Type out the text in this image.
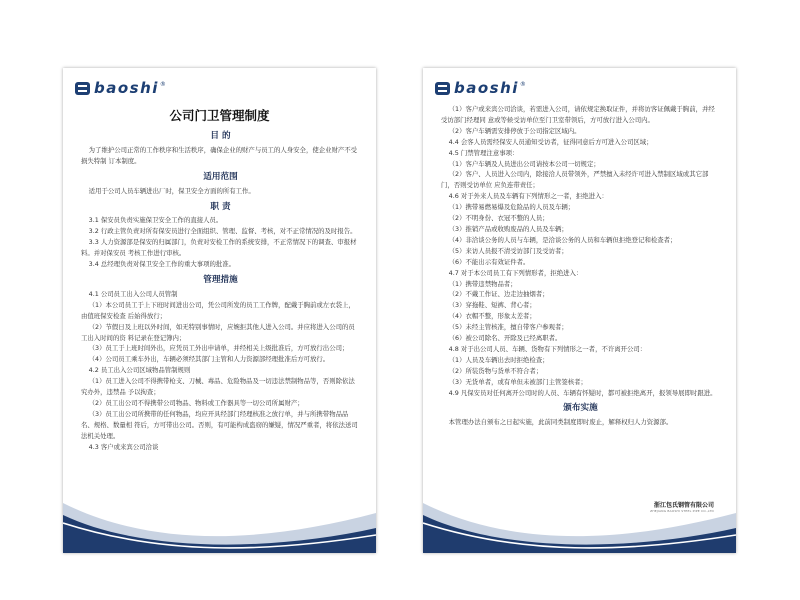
baoshi ®
公司门卫管理制度

目 的

为了维护公司正常的工作秩序和生活秩序，确保企业的财产与员工的人身安全，使企业财产不受损失特制 订本制度。

适用范围

适用于公司人员车辆进出厂时，保卫安全方面的所有工作。

职 责

3.1 保安员负责实施保卫安全工作的直接人员。

3.2 行政主管负责对所有保安员进行全面组织、管理、监督、考核，对不正常情况的及时报告。

3.3 人力资源部是保安的归属部门，负责对安检工作的系统安排，不正常情况下的调查、审报材料。并对保安员 考核工作进行审核。

3.4 总经理负责对保卫安全工作的重大事项的批准。

管理措施

4.1 公司员工出入公司人员管制

（1）本公司员工于上下班时间进出公司，凭公司所发的员工工作牌，配戴于胸前或左衣袋上，由值班保安检查 后始得放行；

（2）节假日及上班以外时间，如无特别事情时，应婉拒其他人进入公司。并应将进入公司的员工出入时间的资 料记录在登记簿内；

（3）员工于上班时间外出，应凭员工外出申请单，并经相关上级批准后，方可放行出公司；

（4）公司员工乘车外出，车辆必须经其部门主管和人力资源部经理批准后方可放行。

4.2 员工出入公司区域物品管制规则

（1）员工进入公司不得携带枪支、刀械、毒品、危险物品及一切违法禁制物品等，否则除依法究办外，违禁品 予以拘查；

（2）员工出公司不得携带公司物品、物料或工作器具等一切公司所属财产；

（3）员工出公司所携带的任何物品，均应开具经部门经理核准之放行单，并与所携带物品品名、规格、数量相 符后，方可带出公司。否则，有可能构成盗窃的嫌疑，情况严重者，将依法送司法机关处理。

4.3 客户或来宾公司洽谈

baoshi ®

（1）客户或来宾公司洽谈，若需进入公司，请依规定换取证件，并将访客证佩戴于胸前，并经受访部门经理同 意或等候受访单位至门卫室带领后，方可放行进入公司内。

（2）客户车辆需安排停放于公司指定区域内。

4.4 会客人员需经保安人员通知受访者，征得同意后方可进入公司区域；

4.5 门禁管理注意事项：

（1）客户车辆及人员进出公司请按本公司一切规定；

（2）客户、人员进入公司内，除接洽人员带领外，严禁擅入未经许可进入禁制区域或其它部门，否则受访单位 应负连带责任；

4.6 对于外来人员及车辆有下列情形之一者，拒绝进入：

（1）携带易燃易爆及危险品的人员及车辆；

（2）不明身份、衣冠不整的人员；

（3）推销产品或收购废品的人员及车辆；

（4）非洽谈公务的人员与车辆，是洽谈公务的人员和车辆但拒绝登记和检查者；

（5）来访人员报不清受访部门及受访者；

（6）不能出示有效证件者。

4.7 对于本公司员工有下列情形者，拒绝进入：

（1）携带违禁物品者；

（2）不戴工作证、边走边抽烟者；

（3）穿拖鞋、短裤、背心者；

（4）衣帽不整，形象太差者；

（5）未经主管核准，擅自带客户参观者；

（6）被公司除名、开除及已经离职者。

4.8 对于出公司人员、车辆、货物有下列情形之一者，不许离开公司：

（1）人员及车辆出去时拒绝检查；

（2）所装货物与货单不符合者；

（3）无货单者，或有单但未被部门主管签核者；

4.9 凡保安员对任何离开公司时的人员、车辆有怀疑时，都可被拒绝离开，报领导展即时跟进。

颁布实施

本管理办法自颁布之日起实施，此前同类制度即时废止，解释权归人力资源部。

浙江包氏钢管有限公司
ZHEJIANG BAOSHI STEEL PIPE CO.,LTD
